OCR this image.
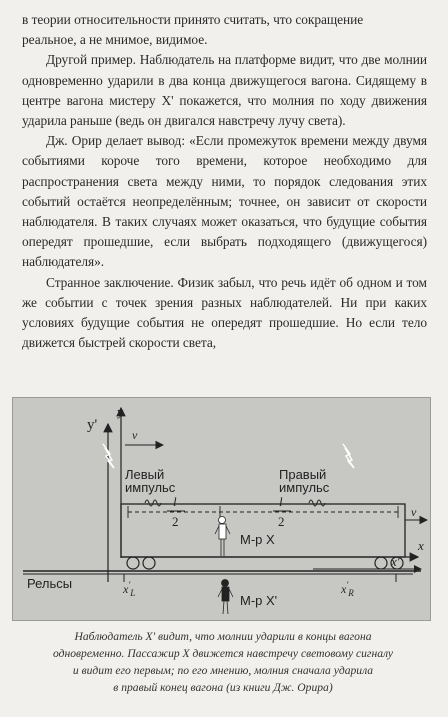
в теории относительности принято считать, что сокращение
реальное, а не мнимое, видимое.

Другой пример. Наблюдатель на платформе видит, что две молнии одновременно ударили в два конца движущегося вагона. Сидящему в центре вагона мистеру X' покажется, что молния по ходу движения ударила раньше (ведь он двигался навстречу лучу света).

Дж. Орир делает вывод: «Если промежуток времени между двумя событиями короче того времени, которое необходимо для распространения света между ними, то порядок следования этих событий остаётся неопределённым; точнее, он зависит от скорости наблюдателя. В таких случаях может оказаться, что будущие события опередят прошедшие, если выбрать подходящего (движущегося) наблюдателя».

Странное заключение. Физик забыл, что речь идёт об одном и том же событии с точек зрения разных наблюдателей. Ни при каких условиях будущие события не опередят прошедшие. Но если тело движется быстрей скорости света,

y'
y
v
Левый
импульс
Правый
импульс
l
2
l
2
v
М-р X	x
x'
Рельсы	$x'_L$	$x'_R$
М-р X'

Наблюдатель X' видит, что молнии ударили в концы вагона

одновременно. Пассажир X движется навстречу световому сигналу

и видит его первым; по его мнению, молния сначала ударила

в правый конец вагона (из книги Дж. Орира)
